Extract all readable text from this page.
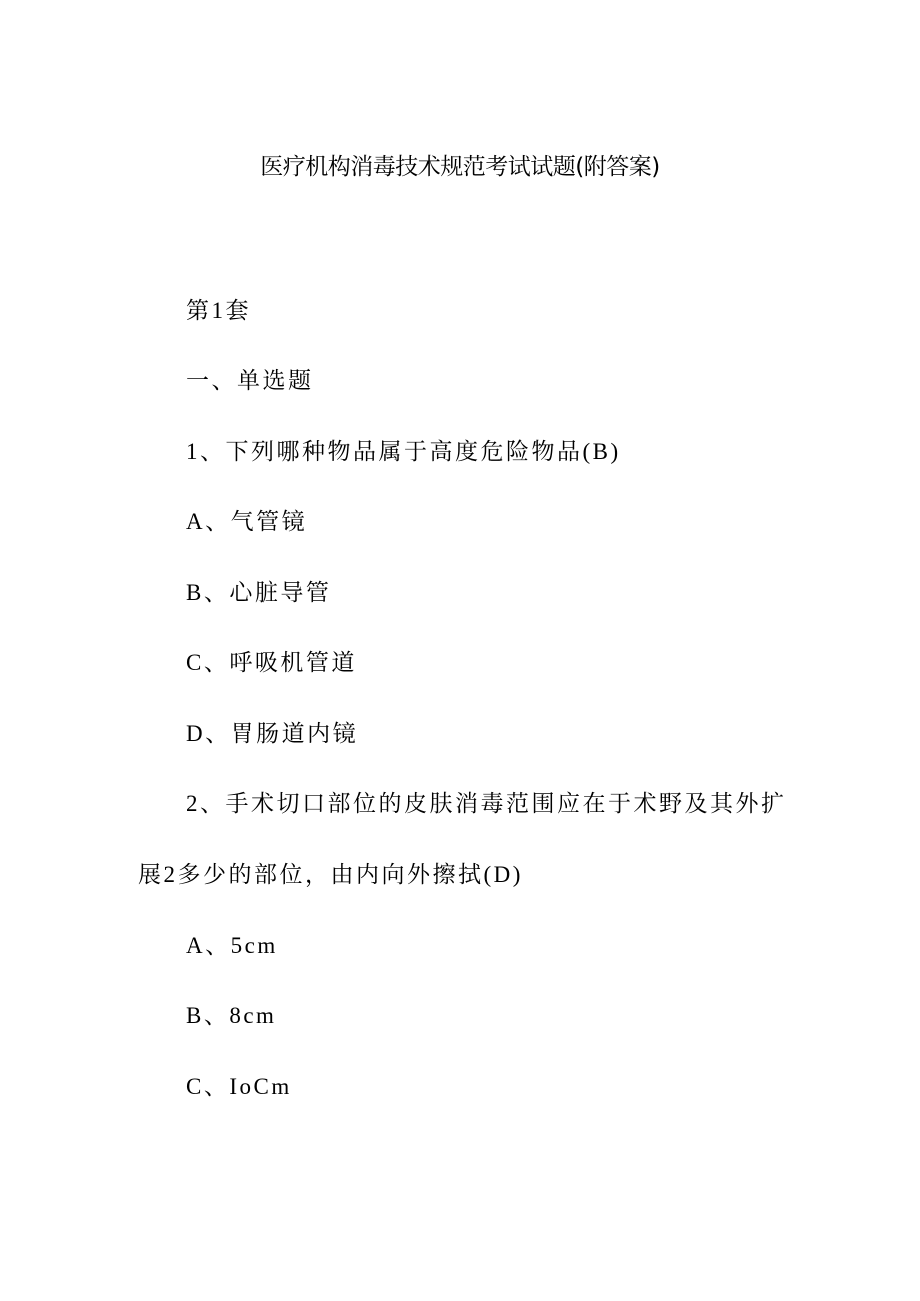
医疗机构消毒技术规范考试试题(附答案)

第1套

一、单选题

1、下列哪种物品属于高度危险物品(B)

A、气管镜

B、心脏导管

C、呼吸机管道

D、胃肠道内镜

2、手术切口部位的皮肤消毒范围应在于术野及其外扩

展2多少的部位，由内向外擦拭(D)

A、5cm

B、8cm

C、IoCm
